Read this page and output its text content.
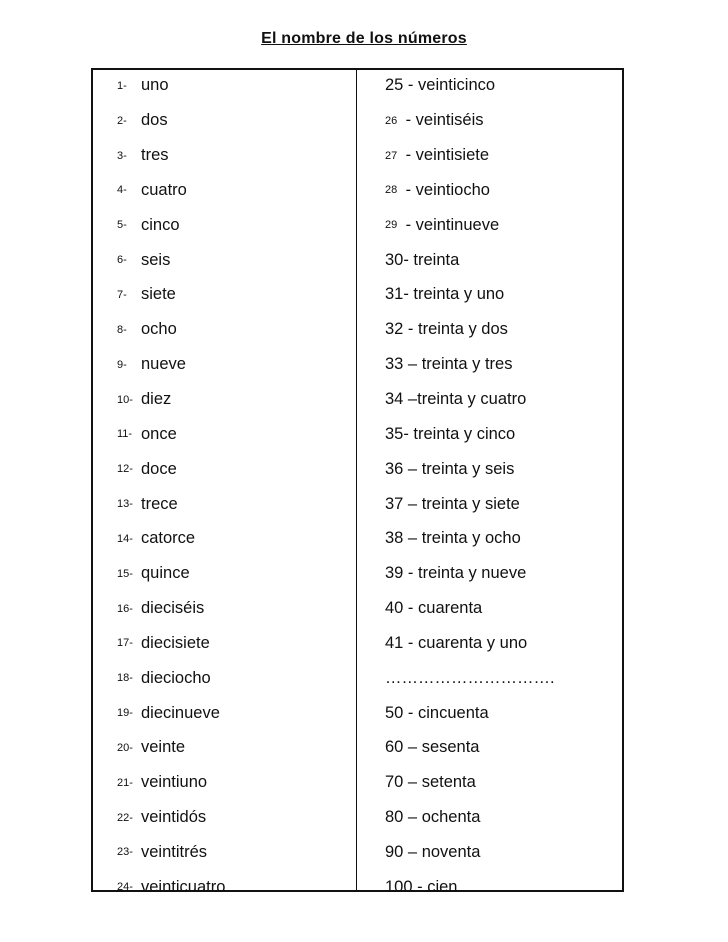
El nombre de los números
1- uno
2- dos
3- tres
4- cuatro
5- cinco
6- seis
7- siete
8- ocho
9- nueve
10- diez
11- once
12- doce
13- trece
14- catorce
15- quince
16- dieciséis
17- diecisiete
18- dieciocho
19- diecinueve
20- veinte
21- veintiuno
22- veintidós
23- veintitrés
24- veinticuatro
25 - veinticinco
26 - veintiséis
27 - veintisiete
28 - veintiocho
29 - veintinueve
30- treinta
31- treinta y uno
32 - treinta y dos
33 – treinta y tres
34 –treinta y cuatro
35- treinta y cinco
36 – treinta y seis
37 – treinta y siete
38 – treinta y ocho
39 - treinta y nueve
40 - cuarenta
41 - cuarenta y uno
………………………….
50 - cincuenta
60 – sesenta
70 – setenta
80 – ochenta
90 – noventa
100 - cien
